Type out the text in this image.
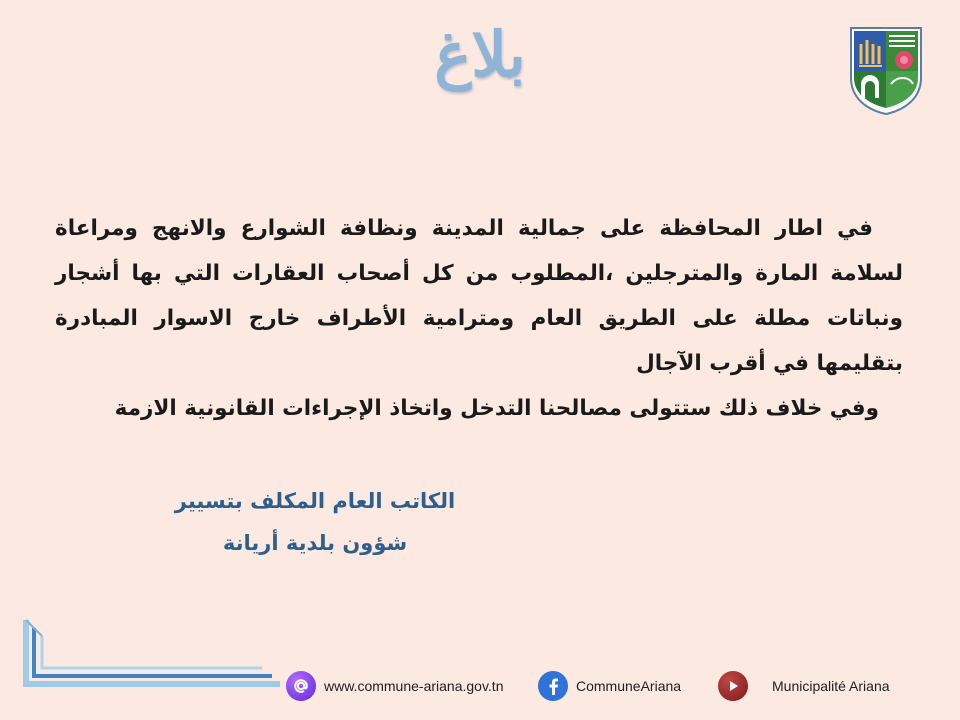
بلاغ

في اطار المحافظة على جمالية المدينة ونظافة الشوارع والانهج ومراعاة لسلامة المارة والمترجلين ،المطلوب من كل أصحاب العقارات التي بها أشجار ونباتات مطلة على الطريق العام ومترامية الأطراف خارج الاسوار المبادرة بتقليمها في أقرب الآجال

وفي خلاف ذلك ستتولى مصالحنا التدخل واتخاذ الإجراءات القانونية الازمة

الكاتب العام المكلف بتسيير
شؤون بلدية أريانة
www.commune-ariana.gov.tn	CommuneAriana	Municipalité Ariana
